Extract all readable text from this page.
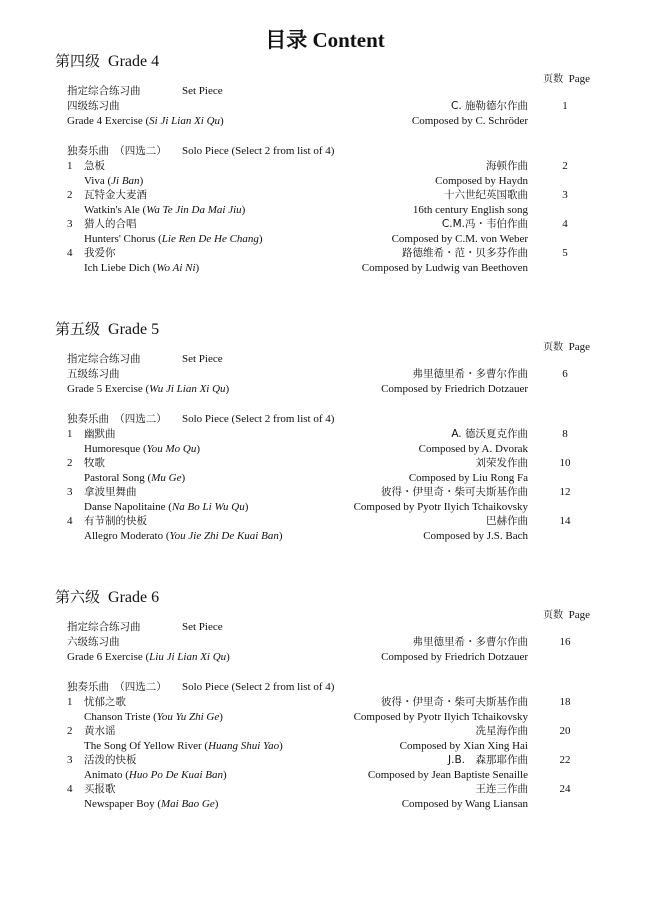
目录 Content
第四级 Grade 4
页数 Page
指定综合练习曲	Set Piece
四级练习曲	C. 施勒德尔作曲	1
Grade 4 Exercise (Si Ji Lian Xi Qu)	Composed by C. Schröder
独奏乐曲　（四选二） Solo Piece (Select 2 from list of 4)
1 急板	海顿作曲	2
Viva (Ji Ban)	Composed by Haydn
2 瓦特金大麦酒	十六世纪英国歌曲	3
Watkin's Ale (Wa Te Jin Da Mai Jiu)	16th century English song
3 猎人的合唱	C.M.冯・韦伯作曲	4
Hunters' Chorus (Lie Ren De He Chang)	Composed by C.M. von Weber
4 我爱你	路德维希・范・贝多芬作曲	5
Ich Liebe Dich (Wo Ai Ni)	Composed by Ludwig van Beethoven
第五级 Grade 5
页数 Page
指定综合练习曲	Set Piece
五级练习曲	弗里德里希・多曹尔作曲	6
Grade 5 Exercise (Wu Ji Lian Xi Qu)	Composed by Friedrich Dotzauer
独奏乐曲　（四选二） Solo Piece (Select 2 from list of 4)
1 幽默曲	A. 德沃夏克作曲	8
Humoresque (You Mo Qu)	Composed by A. Dvorak
2 牧歌	刘荣发作曲	10
Pastoral Song (Mu Ge)	Composed by Liu Rong Fa
3 拿波里舞曲	彼得・伊里奇・柴可夫斯基作曲	12
Danse Napolitaine (Na Bo Li Wu Qu)	Composed by Pyotr Ilyich Tchaikovsky
4 有节制的快板	巴赫作曲	14
Allegro Moderato (You Jie Zhi De Kuai Ban)	Composed by J.S. Bach
第六级 Grade 6
页数 Page
指定综合练习曲	Set Piece
六级练习曲	弗里德里希・多曹尔作曲	16
Grade 6 Exercise (Liu Ji Lian Xi Qu)	Composed by Friedrich Dotzauer
独奏乐曲　（四选二） Solo Piece (Select 2 from list of 4)
1 忧郁之歌	彼得・伊里奇・柴可夫斯基作曲	18
Chanson Triste (You Yu Zhi Ge)	Composed by Pyotr Ilyich Tchaikovsky
2 黄水谣	冼星海作曲	20
The Song Of Yellow River (Huang Shui Yao)	Composed by Xian Xing Hai
3 活泼的快板	J.B.　森那耶作曲	22
Animato (Huo Po De Kuai Ban)	Composed by Jean Baptiste Senaille
4 买报歌	王连三作曲	24
Newspaper Boy (Mai Bao Ge)	Composed by Wang Liansan
